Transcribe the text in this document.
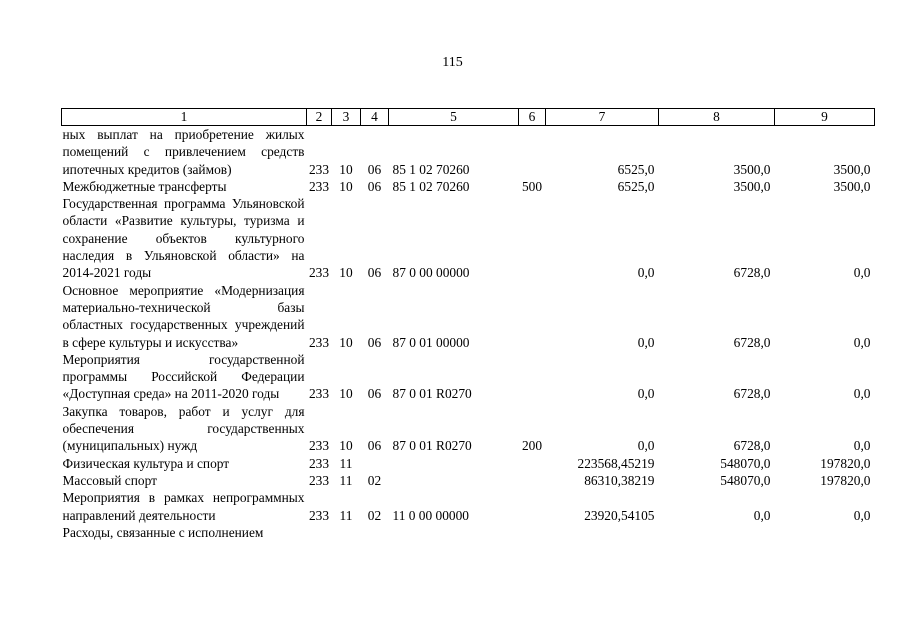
115
1	2	3	4	5	6	7	8	9
ных выплат на приобретение жилых помещений с привлечением средств ипотечных кредитов (займов)	233	10	06	85 1 02 70260		6525,0	3500,0	3500,0
Межбюджетные трансферты	233	10	06	85 1 02 70260	500	6525,0	3500,0	3500,0
Государственная программа Ульяновской области «Развитие культуры, туризма и сохранение объектов культурного наследия в Ульяновской области» на 2014-2021 годы	233	10	06	87 0 00 00000		0,0	6728,0	0,0
Основное мероприятие «Модернизация материально-технической базы областных государственных учреждений в сфере культуры и искусства»	233	10	06	87 0 01 00000		0,0	6728,0	0,0
Мероприятия государственной программы Российской Федерации «Доступная среда» на 2011-2020 годы	233	10	06	87 0 01 R0270		0,0	6728,0	0,0
Закупка товаров, работ и услуг для обеспечения государственных (муниципальных) нужд	233	10	06	87 0 01 R0270	200	0,0	6728,0	0,0
Физическая культура и спорт	233	11				223568,45219	548070,0	197820,0
Массовый спорт	233	11	02			86310,38219	548070,0	197820,0
Мероприятия в рамках непрограммных направлений деятельности	233	11	02	11 0 00 00000		23920,54105	0,0	0,0
Расходы, связанные с исполнением								
